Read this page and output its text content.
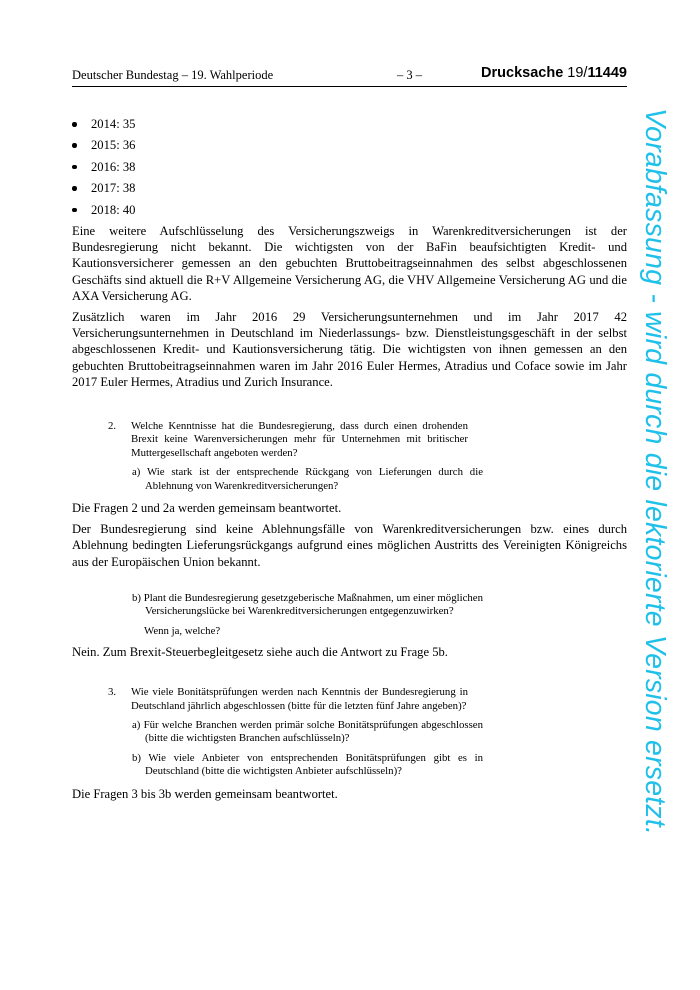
Deutscher Bundestag – 19. Wahlperiode	– 3 –	Drucksache 19/11449
2014: 35
2015: 36
2016: 38
2017: 38
2018: 40

Eine weitere Aufschlüsselung des Versicherungszweigs in Warenkreditversicherungen ist der Bundesregierung nicht bekannt. Die wichtigsten von der BaFin beaufsichtigten Kredit- und Kautionsversicherer gemessen an den gebuchten Bruttobeitragseinnahmen des selbst abgeschlossenen Geschäfts sind aktuell die R+V Allgemeine Versicherung AG, die VHV Allgemeine Versicherung AG und die AXA Versicherung AG.

Zusätzlich waren im Jahr 2016 29 Versicherungsunternehmen und im Jahr 2017 42 Versicherungsunternehmen in Deutschland im Niederlassungs- bzw. Dienstleistungsgeschäft in der selbst abgeschlossenen Kredit- und Kautionsversicherung tätig. Die wichtigsten von ihnen gemessen an den gebuchten Bruttobeitragseinnahmen waren im Jahr 2016 Euler Hermes, Atradius und Coface sowie im Jahr 2017 Euler Hermes, Atradius und Zurich Insurance.

2. Welche Kenntnisse hat die Bundesregierung, dass durch einen drohenden Brexit keine Warenversicherungen mehr für Unternehmen mit britischer Muttergesellschaft angeboten werden?
a) Wie stark ist der entsprechende Rückgang von Lieferungen durch die Ablehnung von Warenkreditversicherungen?

Die Fragen 2 und 2a werden gemeinsam beantwortet.

Der Bundesregierung sind keine Ablehnungsfälle von Warenkreditversicherungen bzw. eines durch Ablehnung bedingten Lieferungsrückgangs aufgrund eines möglichen Austritts des Vereinigten Königreichs aus der Europäischen Union bekannt.

b) Plant die Bundesregierung gesetzgeberische Maßnahmen, um einer möglichen Versicherungslücke bei Warenkreditversicherungen entgegenzuwirken?
Wenn ja, welche?

Nein. Zum Brexit-Steuerbegleitgesetz siehe auch die Antwort zu Frage 5b.

3. Wie viele Bonitätsprüfungen werden nach Kenntnis der Bundesregierung in Deutschland jährlich abgeschlossen (bitte für die letzten fünf Jahre angeben)?
a) Für welche Branchen werden primär solche Bonitätsprüfungen abgeschlossen (bitte die wichtigsten Branchen aufschlüsseln)?
b) Wie viele Anbieter von entsprechenden Bonitätsprüfungen gibt es in Deutschland (bitte die wichtigsten Anbieter aufschlüsseln)?

Die Fragen 3 bis 3b werden gemeinsam beantwortet.	Vorabfassung - wird durch die lektorierte Version ersetzt.
